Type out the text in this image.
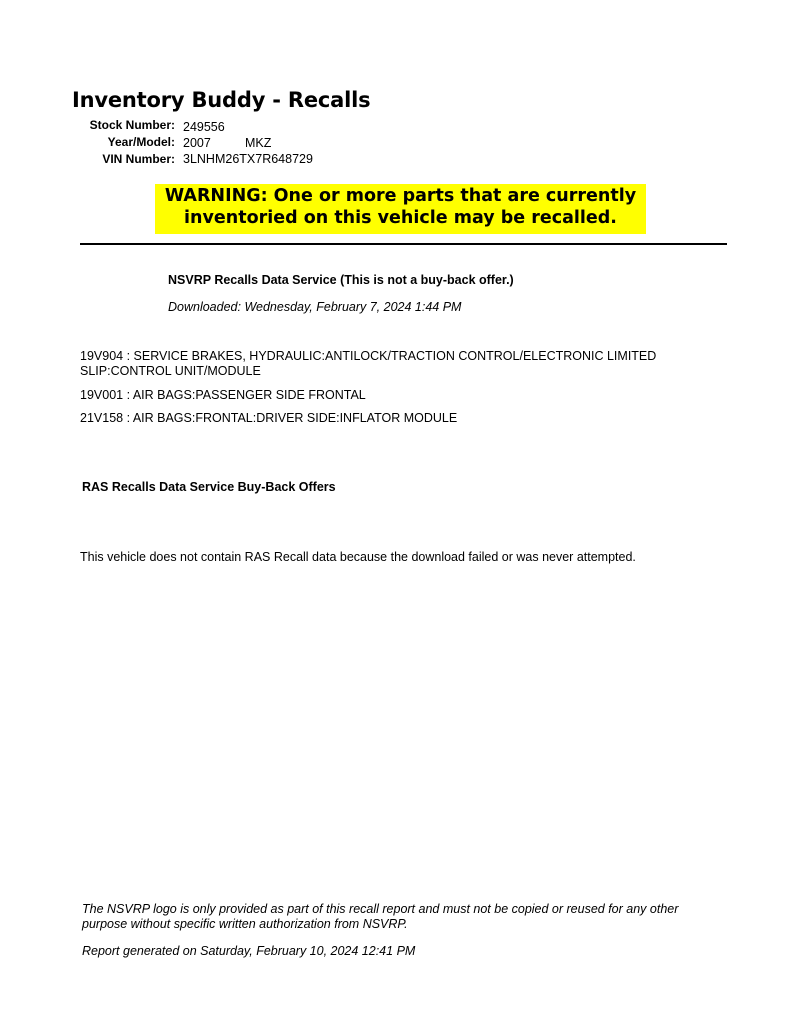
Inventory Buddy - Recalls
Stock Number: 249556
Year/Model: 2007	MKZ
VIN Number: 3LNHM26TX7R648729
WARNING: One or more parts that are currently
inventoried on this vehicle may be recalled.
NSVRP Recalls Data Service (This is not a buy-back offer.)
Downloaded: Wednesday, February 7, 2024 1:44 PM
19V904 : SERVICE BRAKES, HYDRAULIC:ANTILOCK/TRACTION CONTROL/ELECTRONIC LIMITED SLIP:CONTROL UNIT/MODULE
19V001 : AIR BAGS:PASSENGER SIDE FRONTAL
21V158 : AIR BAGS:FRONTAL:DRIVER SIDE:INFLATOR MODULE
RAS Recalls Data Service Buy-Back Offers
This vehicle does not contain RAS Recall data because the download failed or was never attempted.
The NSVRP logo is only provided as part of this recall report and must not be copied or reused for any other purpose without specific written authorization from NSVRP.
Report generated on Saturday, February 10, 2024 12:41 PM
